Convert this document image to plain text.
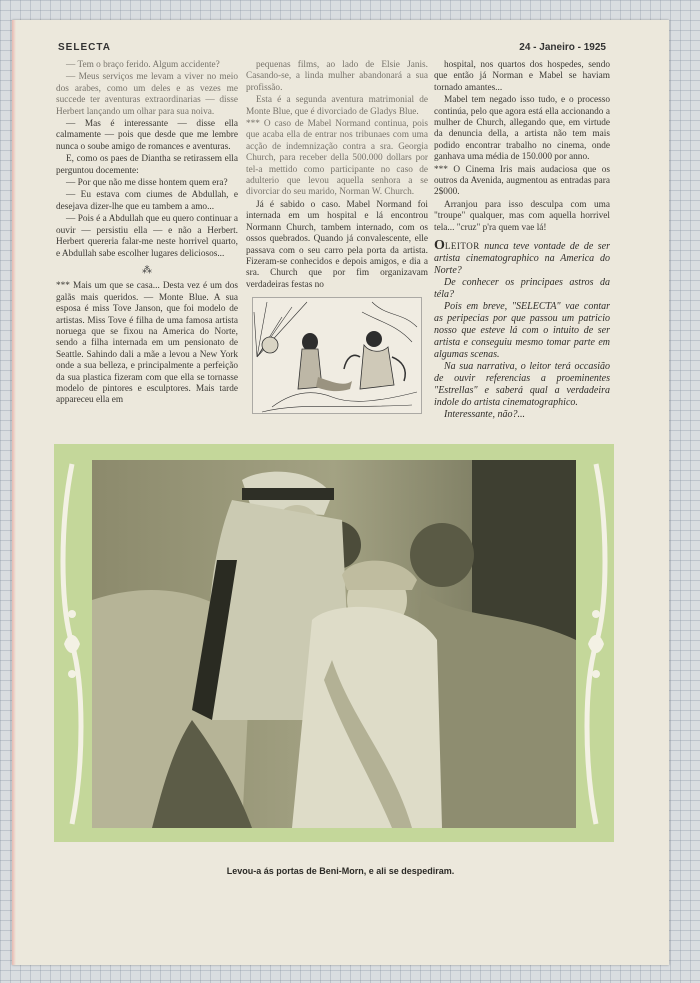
SELECTA	24 - Janeiro - 1925

— Tem o braço ferido. Algum accidente?

— Meus serviços me levam a viver no meio dos arabes, como um deles e as vezes me succede ter aventuras extraordinarias — disse Herbert lançando um olhar para sua noiva.

— Mas é interessante — disse ella calmamente — pois que desde que me lembre nunca o soube amigo de romances e aventuras.

E, como os paes de Diantha se retirassem ella perguntou docemente:

— Por que não me disse hontem quem era?

— Eu estava com ciumes de Abdullah, e desejava dizer-lhe que eu tambem a amo...

— Pois é a Abdullah que eu quero continuar a ouvir — persistiu ella — e não a Herbert. Herbert quereria falar-me neste horrivel quarto, e Abdullah sabe escolher lugares deliciosos...

⁂

*** Mais um que se casa... Desta vez é um dos galãs mais queridos. — Monte Blue. A sua esposa é miss Tove Janson, que foi modelo de artistas. Miss Tove é filha de uma famosa artista noruega que se fixou na America do Norte, sendo a filha internada em um pensionato de Seattle. Sahindo dali a mãe a levou a New York onde a sua belleza, e principalmente a perfeição da sua plastica fizeram com que ella se tornasse modelo de pintores e esculptores. Mais tarde appareceu ella em

pequenas films, ao lado de Elsie Janis. Casando-se, a linda mulher abandonará a sua profissão.

Esta é a segunda aventura matrimonial de Monte Blue, que é divorciado de Gladys Blue.

*** O caso de Mabel Normand continua, pois que acaba ella de entrar nos tribunaes com uma acção de indemnização contra a sra. Georgia Church, para receber della 500.000 dollars por tel-a mettido como participante no caso de adulterio que levou aquella senhora a se divorciar do seu marido, Norman W. Church.

Já é sabido o caso. Mabel Normand foi internada em um hospital e lá encontrou Normann Church, tambem internado, com os ossos quebrados. Quando já convalescente, elle passava com o seu carro pela porta da artista. Fizeram-se conhecidos e depois amigos, e dia a sra. Church que por fim organizavam verdadeiras festas no

hospital, nos quartos dos hospedes, sendo que então já Norman e Mabel se haviam tornado amantes...

Mabel tem negado isso tudo, e o processo continúa, pelo que agora está ella accionando a mulher de Church, allegando que, em virtude da denuncia della, a artista não tem mais podido encontrar trabalho no cinema, onde ganhava uma média de 150.000 por anno.

*** O Cinema Iris mais audaciosa que os outros da Avenida, augmentou as entradas para 2$000.

Arranjou para isso desculpa com uma "troupe" qualquer, mas com aquella horrivel tela... "cruz" p'ra quem vae lá!

OLEITOR nunca teve vontade de de ser artista cinematographico na America do Norte?

De conhecer os principaes astros da téla?

Pois em breve, "SELECTA" vae contar as peripecias por que passou um patricio nosso que esteve lá com o intuito de ser artista e conseguiu mesmo tomar parte em algumas scenas.

Na sua narrativa, o leitor terá occasião de ouvir referencias a proeminentes "Estrellas" e saberá qual a verdadeira indole do artista cinematographico.

Interessante, não?...

Levou-a ás portas de Beni-Morn, e ali se despediram.
